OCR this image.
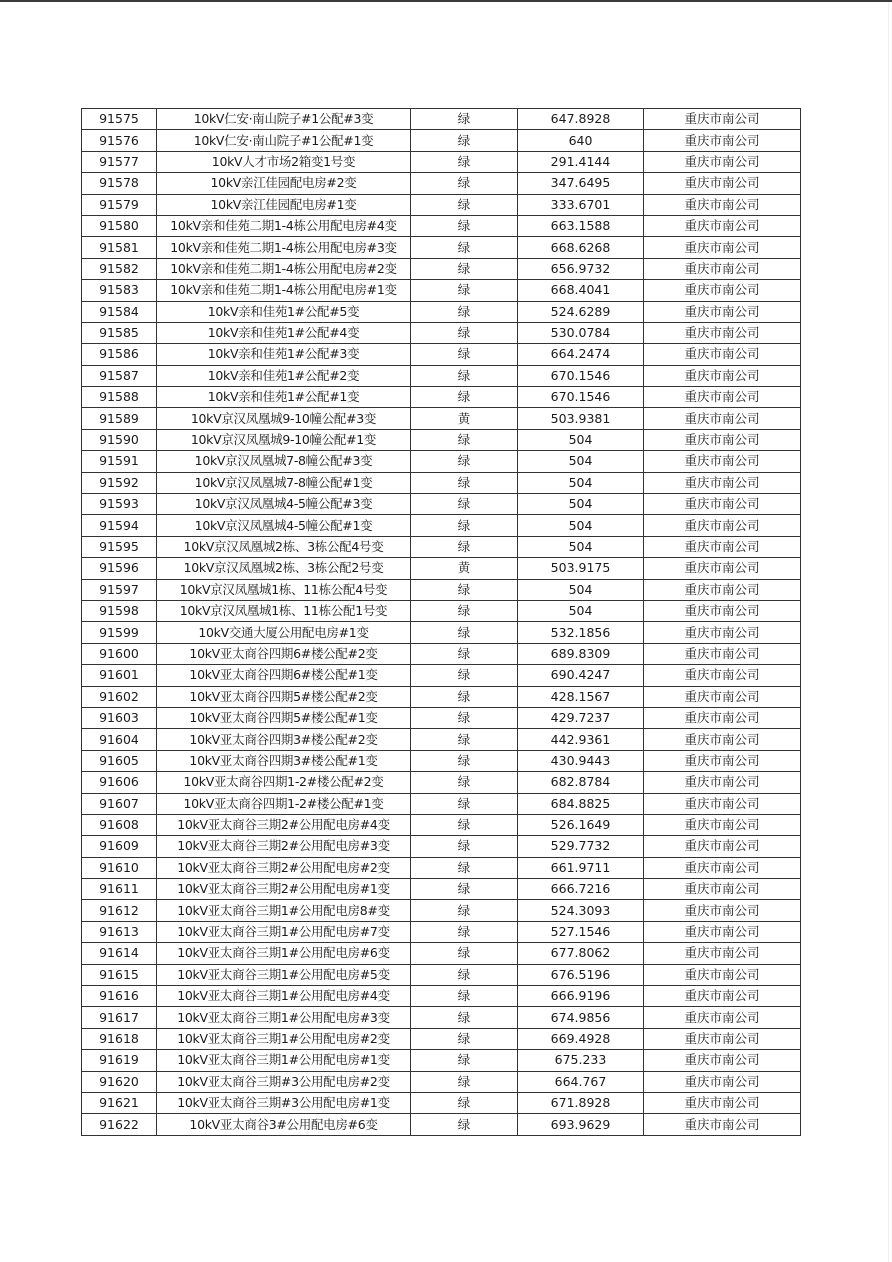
91575	10kV仁安·南山院子#1公配#3变	绿	647.8928	重庆市南公司
91576	10kV仁安·南山院子#1公配#1变	绿	640	重庆市南公司
91577	10kV人才市场2箱变1号变	绿	291.4144	重庆市南公司
91578	10kV亲江佳园配电房#2变	绿	347.6495	重庆市南公司
91579	10kV亲江佳园配电房#1变	绿	333.6701	重庆市南公司
91580	10kV亲和佳苑二期1-4栋公用配电房#4变	绿	663.1588	重庆市南公司
91581	10kV亲和佳苑二期1-4栋公用配电房#3变	绿	668.6268	重庆市南公司
91582	10kV亲和佳苑二期1-4栋公用配电房#2变	绿	656.9732	重庆市南公司
91583	10kV亲和佳苑二期1-4栋公用配电房#1变	绿	668.4041	重庆市南公司
91584	10kV亲和佳苑1#公配#5变	绿	524.6289	重庆市南公司
91585	10kV亲和佳苑1#公配#4变	绿	530.0784	重庆市南公司
91586	10kV亲和佳苑1#公配#3变	绿	664.2474	重庆市南公司
91587	10kV亲和佳苑1#公配#2变	绿	670.1546	重庆市南公司
91588	10kV亲和佳苑1#公配#1变	绿	670.1546	重庆市南公司
91589	10kV京汉凤凰城9-10幢公配#3变	黄	503.9381	重庆市南公司
91590	10kV京汉凤凰城9-10幢公配#1变	绿	504	重庆市南公司
91591	10kV京汉凤凰城7-8幢公配#3变	绿	504	重庆市南公司
91592	10kV京汉凤凰城7-8幢公配#1变	绿	504	重庆市南公司
91593	10kV京汉凤凰城4-5幢公配#3变	绿	504	重庆市南公司
91594	10kV京汉凤凰城4-5幢公配#1变	绿	504	重庆市南公司
91595	10kV京汉凤凰城2栋、3栋公配4号变	绿	504	重庆市南公司
91596	10kV京汉凤凰城2栋、3栋公配2号变	黄	503.9175	重庆市南公司
91597	10kV京汉凤凰城1栋、11栋公配4号变	绿	504	重庆市南公司
91598	10kV京汉凤凰城1栋、11栋公配1号变	绿	504	重庆市南公司
91599	10kV交通大厦公用配电房#1变	绿	532.1856	重庆市南公司
91600	10kV亚太商谷四期6#楼公配#2变	绿	689.8309	重庆市南公司
91601	10kV亚太商谷四期6#楼公配#1变	绿	690.4247	重庆市南公司
91602	10kV亚太商谷四期5#楼公配#2变	绿	428.1567	重庆市南公司
91603	10kV亚太商谷四期5#楼公配#1变	绿	429.7237	重庆市南公司
91604	10kV亚太商谷四期3#楼公配#2变	绿	442.9361	重庆市南公司
91605	10kV亚太商谷四期3#楼公配#1变	绿	430.9443	重庆市南公司
91606	10kV亚太商谷四期1-2#楼公配#2变	绿	682.8784	重庆市南公司
91607	10kV亚太商谷四期1-2#楼公配#1变	绿	684.8825	重庆市南公司
91608	10kV亚太商谷三期2#公用配电房#4变	绿	526.1649	重庆市南公司
91609	10kV亚太商谷三期2#公用配电房#3变	绿	529.7732	重庆市南公司
91610	10kV亚太商谷三期2#公用配电房#2变	绿	661.9711	重庆市南公司
91611	10kV亚太商谷三期2#公用配电房#1变	绿	666.7216	重庆市南公司
91612	10kV亚太商谷三期1#公用配电房8#变	绿	524.3093	重庆市南公司
91613	10kV亚太商谷三期1#公用配电房#7变	绿	527.1546	重庆市南公司
91614	10kV亚太商谷三期1#公用配电房#6变	绿	677.8062	重庆市南公司
91615	10kV亚太商谷三期1#公用配电房#5变	绿	676.5196	重庆市南公司
91616	10kV亚太商谷三期1#公用配电房#4变	绿	666.9196	重庆市南公司
91617	10kV亚太商谷三期1#公用配电房#3变	绿	674.9856	重庆市南公司
91618	10kV亚太商谷三期1#公用配电房#2变	绿	669.4928	重庆市南公司
91619	10kV亚太商谷三期1#公用配电房#1变	绿	675.233	重庆市南公司
91620	10kV亚太商谷三期#3公用配电房#2变	绿	664.767	重庆市南公司
91621	10kV亚太商谷三期#3公用配电房#1变	绿	671.8928	重庆市南公司
91622	10kV亚太商谷3#公用配电房#6变	绿	693.9629	重庆市南公司
